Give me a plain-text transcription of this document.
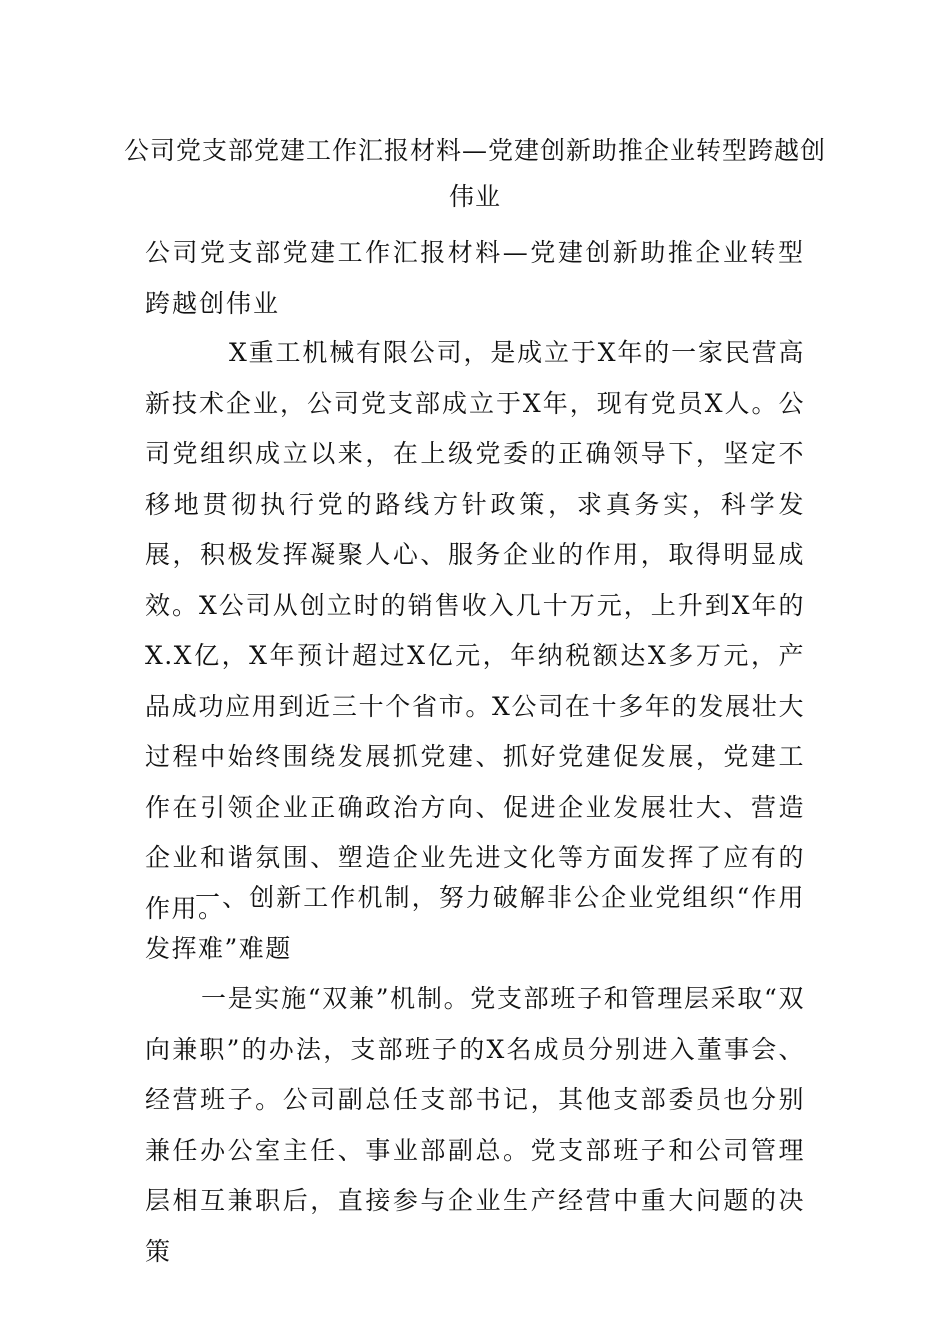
公司党支部党建工作汇报材料—党建创新助推企业转型跨越创伟业
公司党支部党建工作汇报材料—党建创新助推企业转型跨越创伟业

X重工机械有限公司，是成立于X年的一家民营高新技术企业，公司党支部成立于X年，现有党员X人。公司党组织成立以来，在上级党委的正确领导下，坚定不移地贯彻执行党的路线方针政策，求真务实，科学发展，积极发挥凝聚人心、服务企业的作用，取得明显成效。X公司从创立时的销售收入几十万元，上升到X年的X.X亿，X年预计超过X亿元，年纳税额达X多万元，产品成功应用到近三十个省市。X公司在十多年的发展壮大过程中始终围绕发展抓党建、抓好党建促发展，党建工作在引领企业正确政治方向、促进企业发展壮大、营造企业和谐氛围、塑造企业先进文化等方面发挥了应有的作用。

一、创新工作机制，努力破解非公企业党组织“作用发挥难”难题

一是实施“双兼”机制。党支部班子和管理层采取“双向兼职”的办法，支部班子的X名成员分别进入董事会、经营班子。公司副总任支部书记，其他支部委员也分别兼任办公室主任、事业部副总。党支部班子和公司管理层相互兼职后，直接参与企业生产经营中重大问题的决策
